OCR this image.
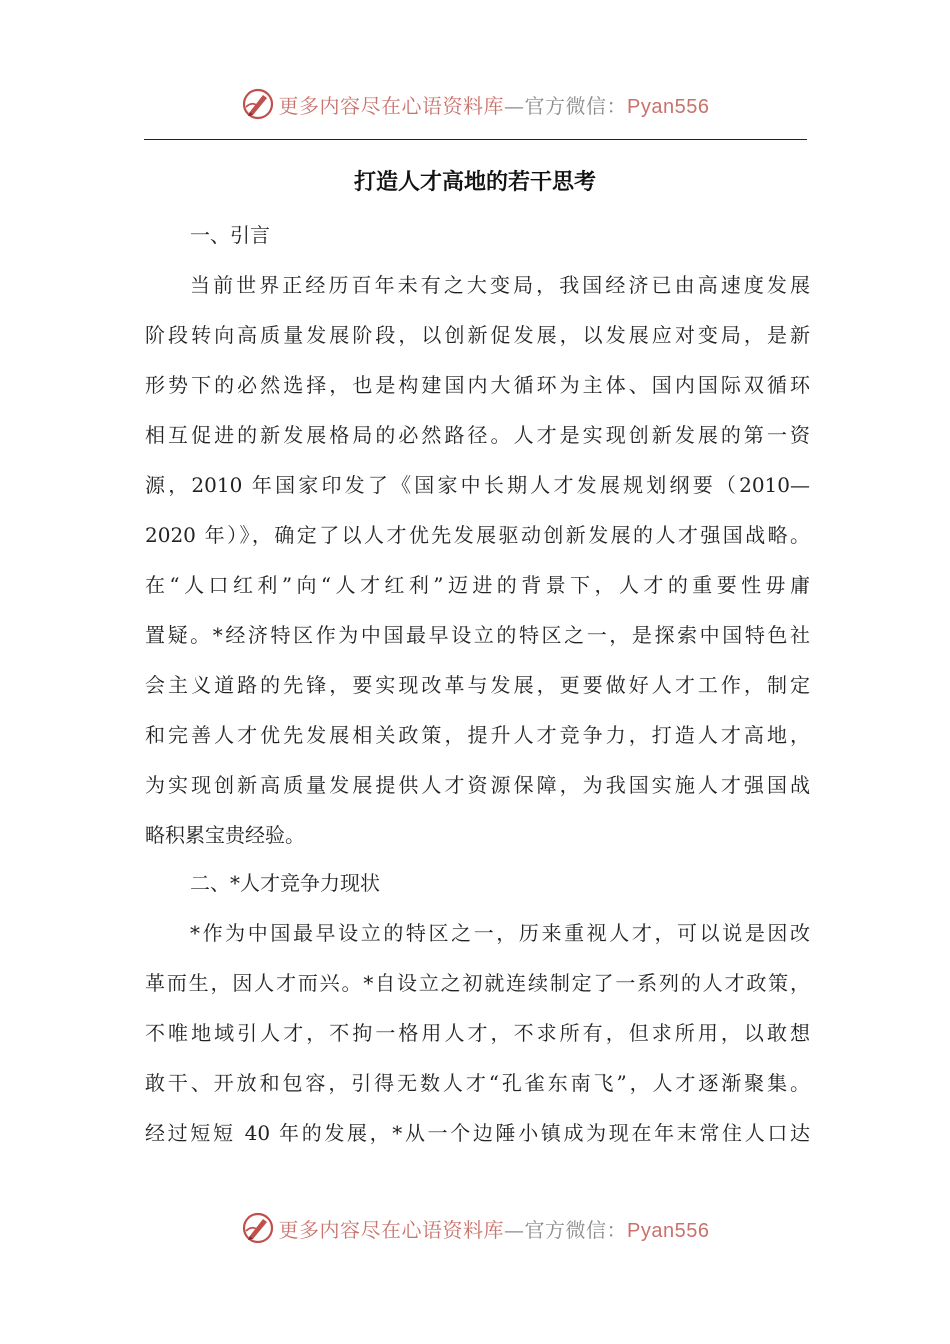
更多内容尽在心语资料库—官方微信：Pyan556
打造人才高地的若干思考
一、引言
当前世界正经历百年未有之大变局，我国经济已由高速度发展
阶段转向高质量发展阶段，以创新促发展，以发展应对变局，是新
形势下的必然选择，也是构建国内大循环为主体、国内国际双循环
相互促进的新发展格局的必然路径。人才是实现创新发展的第一资
源，2010 年国家印发了《国家中长期人才发展规划纲要（2010—
2020 年）》，确定了以人才优先发展驱动创新发展的人才强国战略。
在“人口红利”向“人才红利”迈进的背景下，人才的重要性毋庸
置疑。*经济特区作为中国最早设立的特区之一，是探索中国特色社
会主义道路的先锋，要实现改革与发展，更要做好人才工作，制定
和完善人才优先发展相关政策，提升人才竞争力，打造人才高地，
为实现创新高质量发展提供人才资源保障，为我国实施人才强国战
略积累宝贵经验。
二、*人才竞争力现状
*作为中国最早设立的特区之一，历来重视人才，可以说是因改
革而生，因人才而兴。*自设立之初就连续制定了一系列的人才政策，
不唯地域引人才，不拘一格用人才，不求所有，但求所用，以敢想
敢干、开放和包容，引得无数人才“孔雀东南飞”，人才逐渐聚集。
经过短短 40 年的发展，*从一个边陲小镇成为现在年末常住人口达
更多内容尽在心语资料库—官方微信：Pyan556
